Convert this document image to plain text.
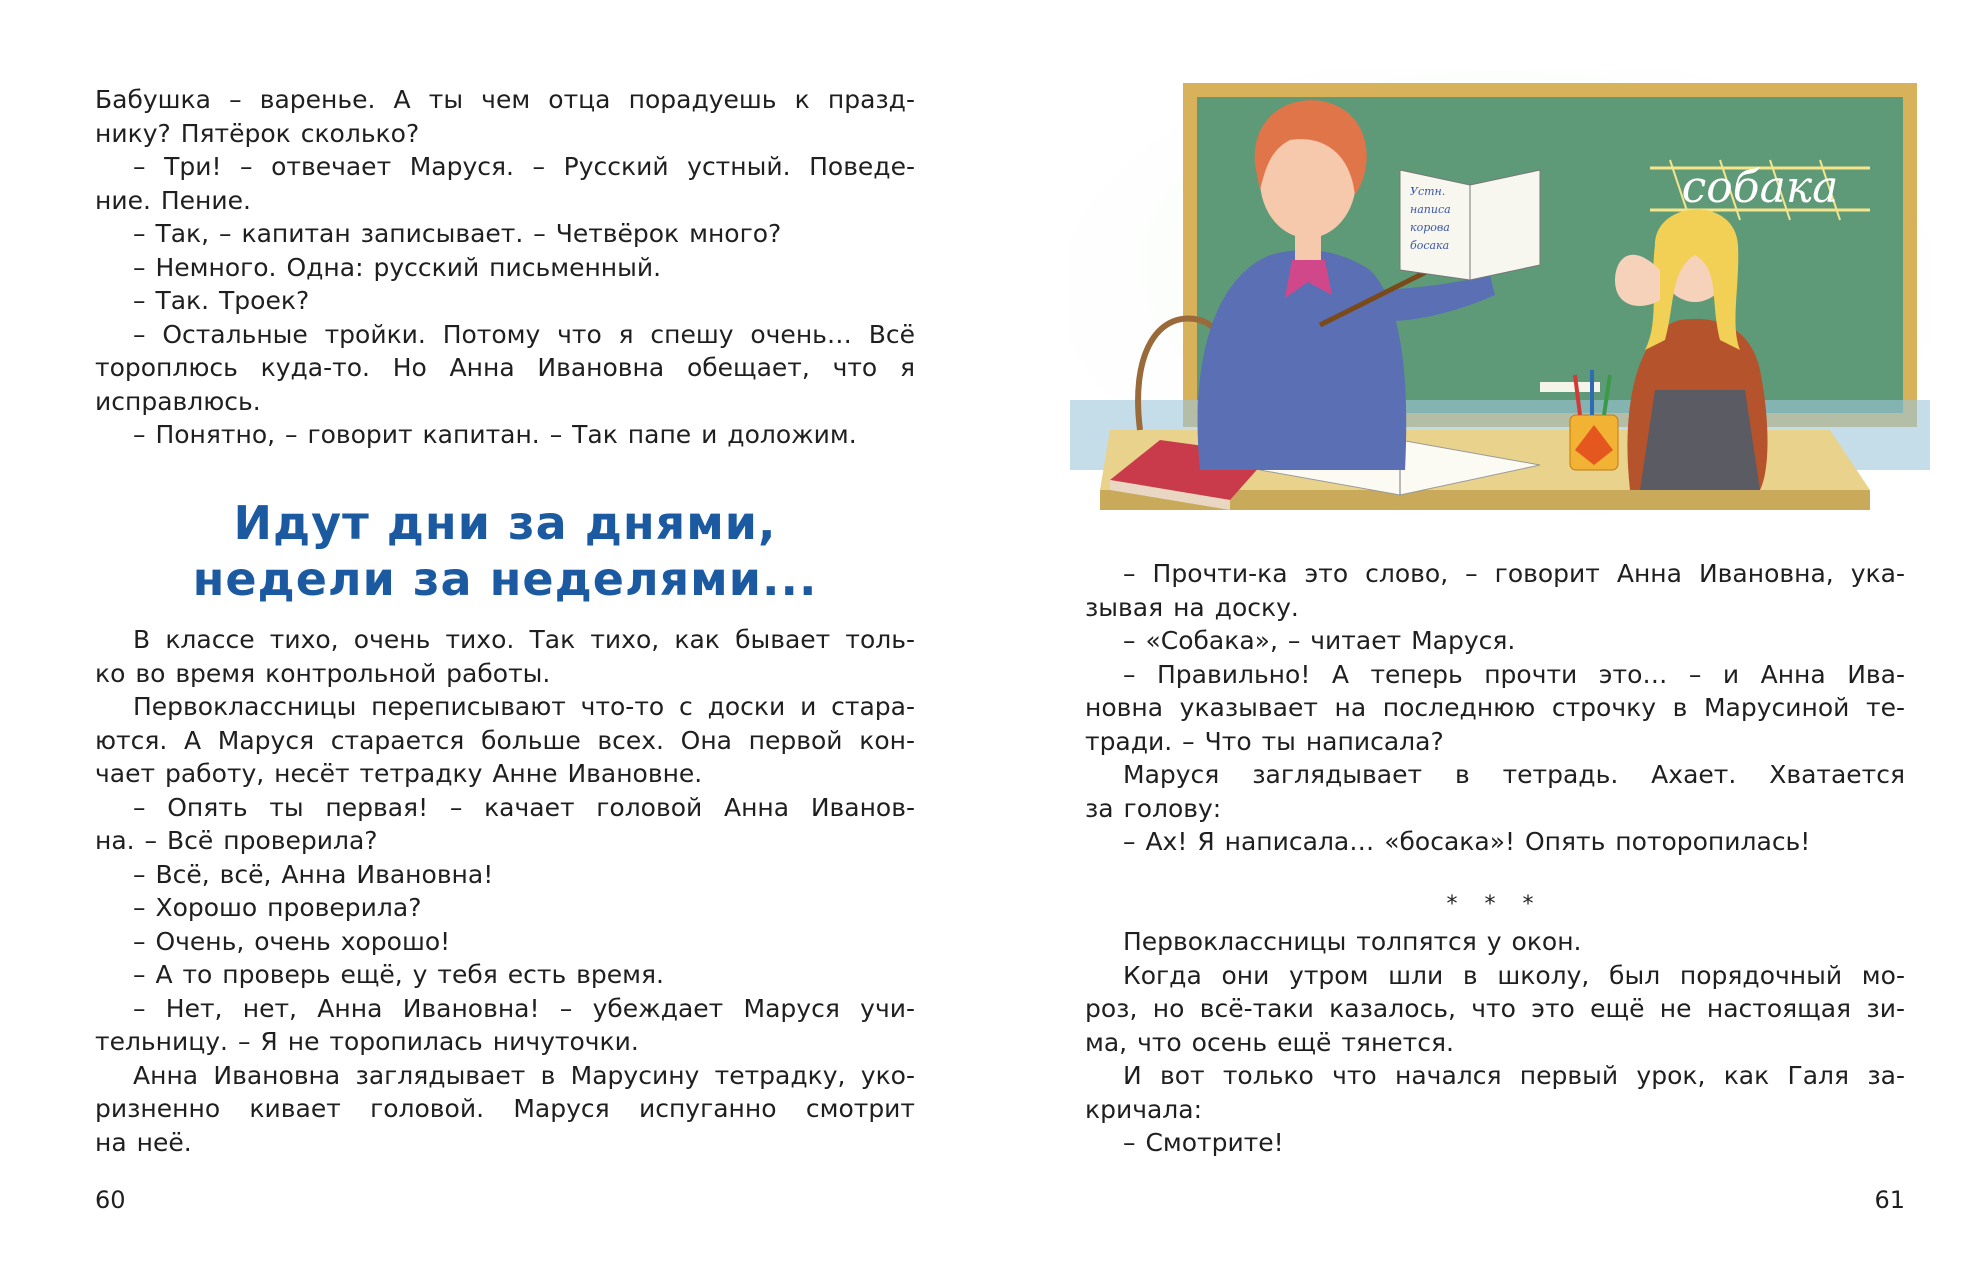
Бабушка – варенье. А ты чем отца порадуешь к празд-
нику? Пятёрок сколько?
– Три! – отвечает Маруся. – Русский устный. Поведе-
ние. Пение.
– Так, – капитан записывает. – Четвёрок много?
– Немного. Одна: русский письменный.
– Так. Троек?
– Остальные тройки. Потому что я спешу очень… Всё
тороплюсь куда-то. Но Анна Ивановна обещает, что я
исправлюсь.
– Понятно, – говорит капитан. – Так папе и доложим.
Идут дни за днями,
недели за неделями...
В классе тихо, очень тихо. Так тихо, как бывает толь-
ко во время контрольной работы.
Первоклассницы переписывают что-то с доски и стара-
ются. А Маруся старается больше всех. Она первой кон-
чает работу, несёт тетрадку Анне Ивановне.
– Опять ты первая! – качает головой Анна Иванов-
на. – Всё проверила?
– Всё, всё, Анна Ивановна!
– Хорошо проверила?
– Очень, очень хорошо!
– А то проверь ещё, у тебя есть время.
– Нет, нет, Анна Ивановна! – убеждает Маруся учи-
тельницу. – Я не торопилась ничуточки.
Анна Ивановна заглядывает в Марусину тетрадку, уко-
ризненно кивает головой. Маруся испуганно смотрит
на неё.
60
собака
Устн.
написа
корова
босака
– Прочти-ка это слово, – говорит Анна Ивановна, ука-
зывая на доску.
– «Собака», – читает Маруся.
– Правильно! А теперь прочти это… – и Анна Ива-
новна указывает на последнюю строчку в Марусиной те-
тради. – Что ты написала?
Маруся заглядывает в тетрадь. Ахает. Хватается
за голову:
– Ах! Я написала… «босака»! Опять поторопилась!
* * *
Первоклассницы толпятся у окон.
Когда они утром шли в школу, был порядочный мо-
роз, но всё-таки казалось, что это ещё не настоящая зи-
ма, что осень ещё тянется.
И вот только что начался первый урок, как Галя за-
кричала:
– Смотрите!
61
